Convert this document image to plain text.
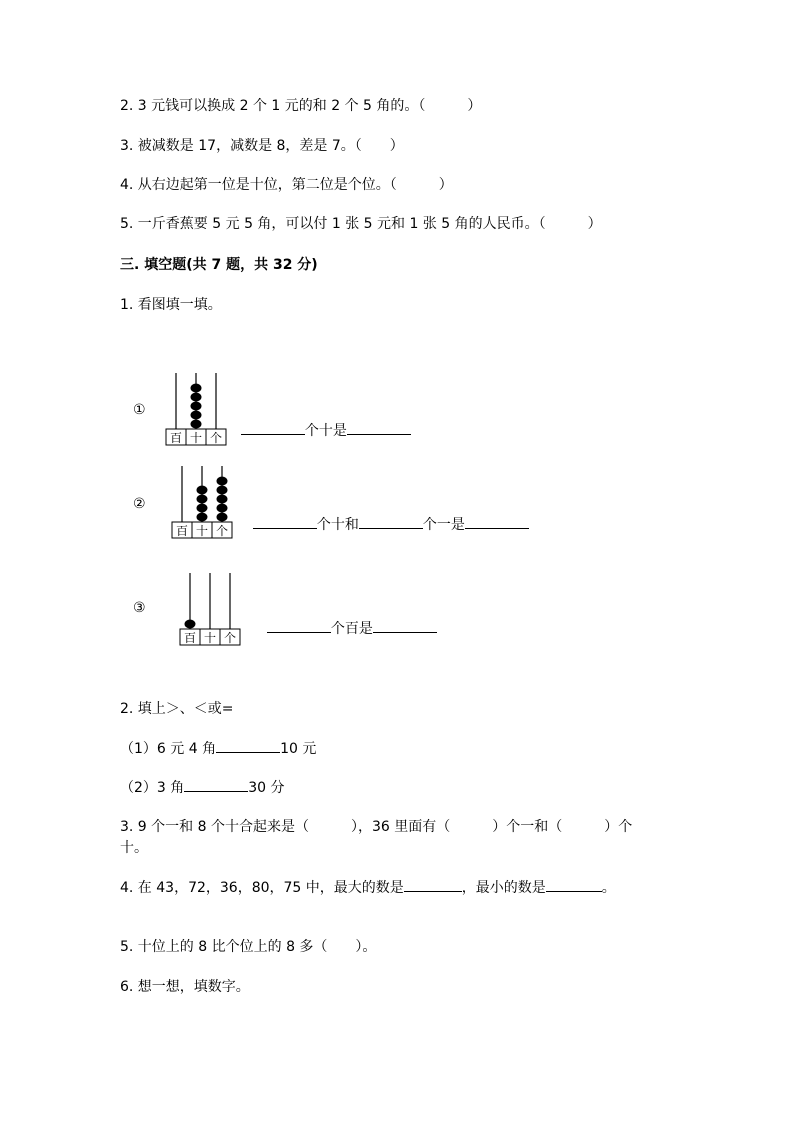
2. 3 元钱可以换成 2 个 1 元的和 2 个 5 角的。（　　　）
3. 被减数是 17，减数是 8，差是 7。（　　）
4. 从右边起第一位是十位，第二位是个位。（　　　）
5. 一斤香蕉要 5 元 5 角，可以付 1 张 5 元和 1 张 5 角的人民币。（　　　）
三. 填空题(共 7 题，共 32 分)
1. 看图填一填。
①
百 十 个	个十是

②
百 十 个	个十和	个一是

③
百 十 个

个百是

2. 填上＞、＜或=
（1）6 元 4 角	10 元
（2）3 角	30 分
3. 9 个一和 8 个十合起来是（　　　），36 里面有（　　　）个一和（　　　）个
十。
4. 在 43，72，36，80，75 中，最大的数是	，最小的数是	。
5. 十位上的 8 比个位上的 8 多（　　）。
6. 想一想，填数字。
